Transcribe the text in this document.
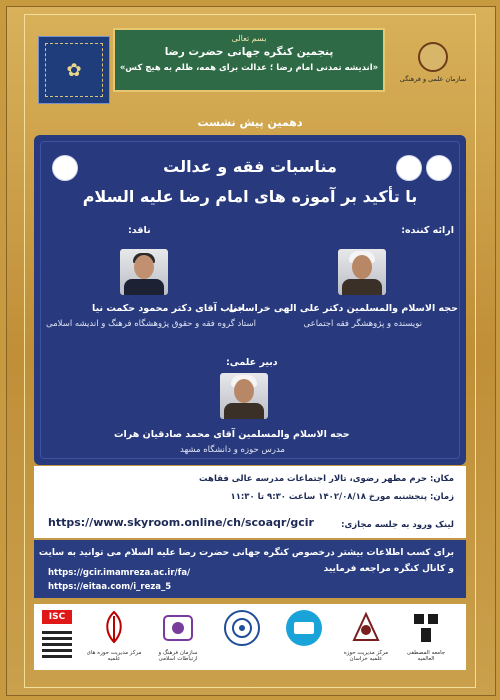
✿
بسم تعالی
پنجمین کنگره جهانی حضرت رضا
«اندیشه تمدنی امام رضا ؛ عدالت برای همه، ظلم به هیچ کس»
سازمان علمی و فرهنگی
دهمین پیش نشست
مناسبات فقه و عدالت
با تأکید بر آموزه های امام رضا علیه السلام
ارائه کننده:
حجه الاسلام والمسلمین دکتر علی الهی خراسانی
نویسنده و پژوهشگر فقه اجتماعی
ناقد:
جناب آقای دکتر محمود حکمت نیا
استاد گروه فقه و حقوق پژوهشگاه فرهنگ و اندیشه اسلامی
دبیر علمی:
حجه الاسلام والمسلمین آقای محمد صادقیان هرات
مدرس حوزه و دانشگاه مشهد
مکان: حرم مطهر رضوی، تالار اجتماعات مدرسه عالی فقاهت
زمان: پنجشنبه مورخ ۱۴۰۲/۰۸/۱۸ ساعت ۹:۳۰ تا ۱۱:۳۰
لینک ورود به جلسه مجازی:
https://www.skyroom.online/ch/scoaqr/gcir
برای کسب اطلاعات بیشتر درخصوص کنگره جهانی حضرت رضا علیه السلام می توانید به سایت
و کانال کنگره مراجعه فرمایید
https://gcir.imamreza.ac.ir/fa/
https://eitaa.com/i_reza_5
ISC
مرکز مدیریت حوزه های علمیه
سازمان فرهنگ و ارتباطات اسلامی
مرکز مدیریت حوزه علمیه خراسان
جامعه المصطفی العالمیه
